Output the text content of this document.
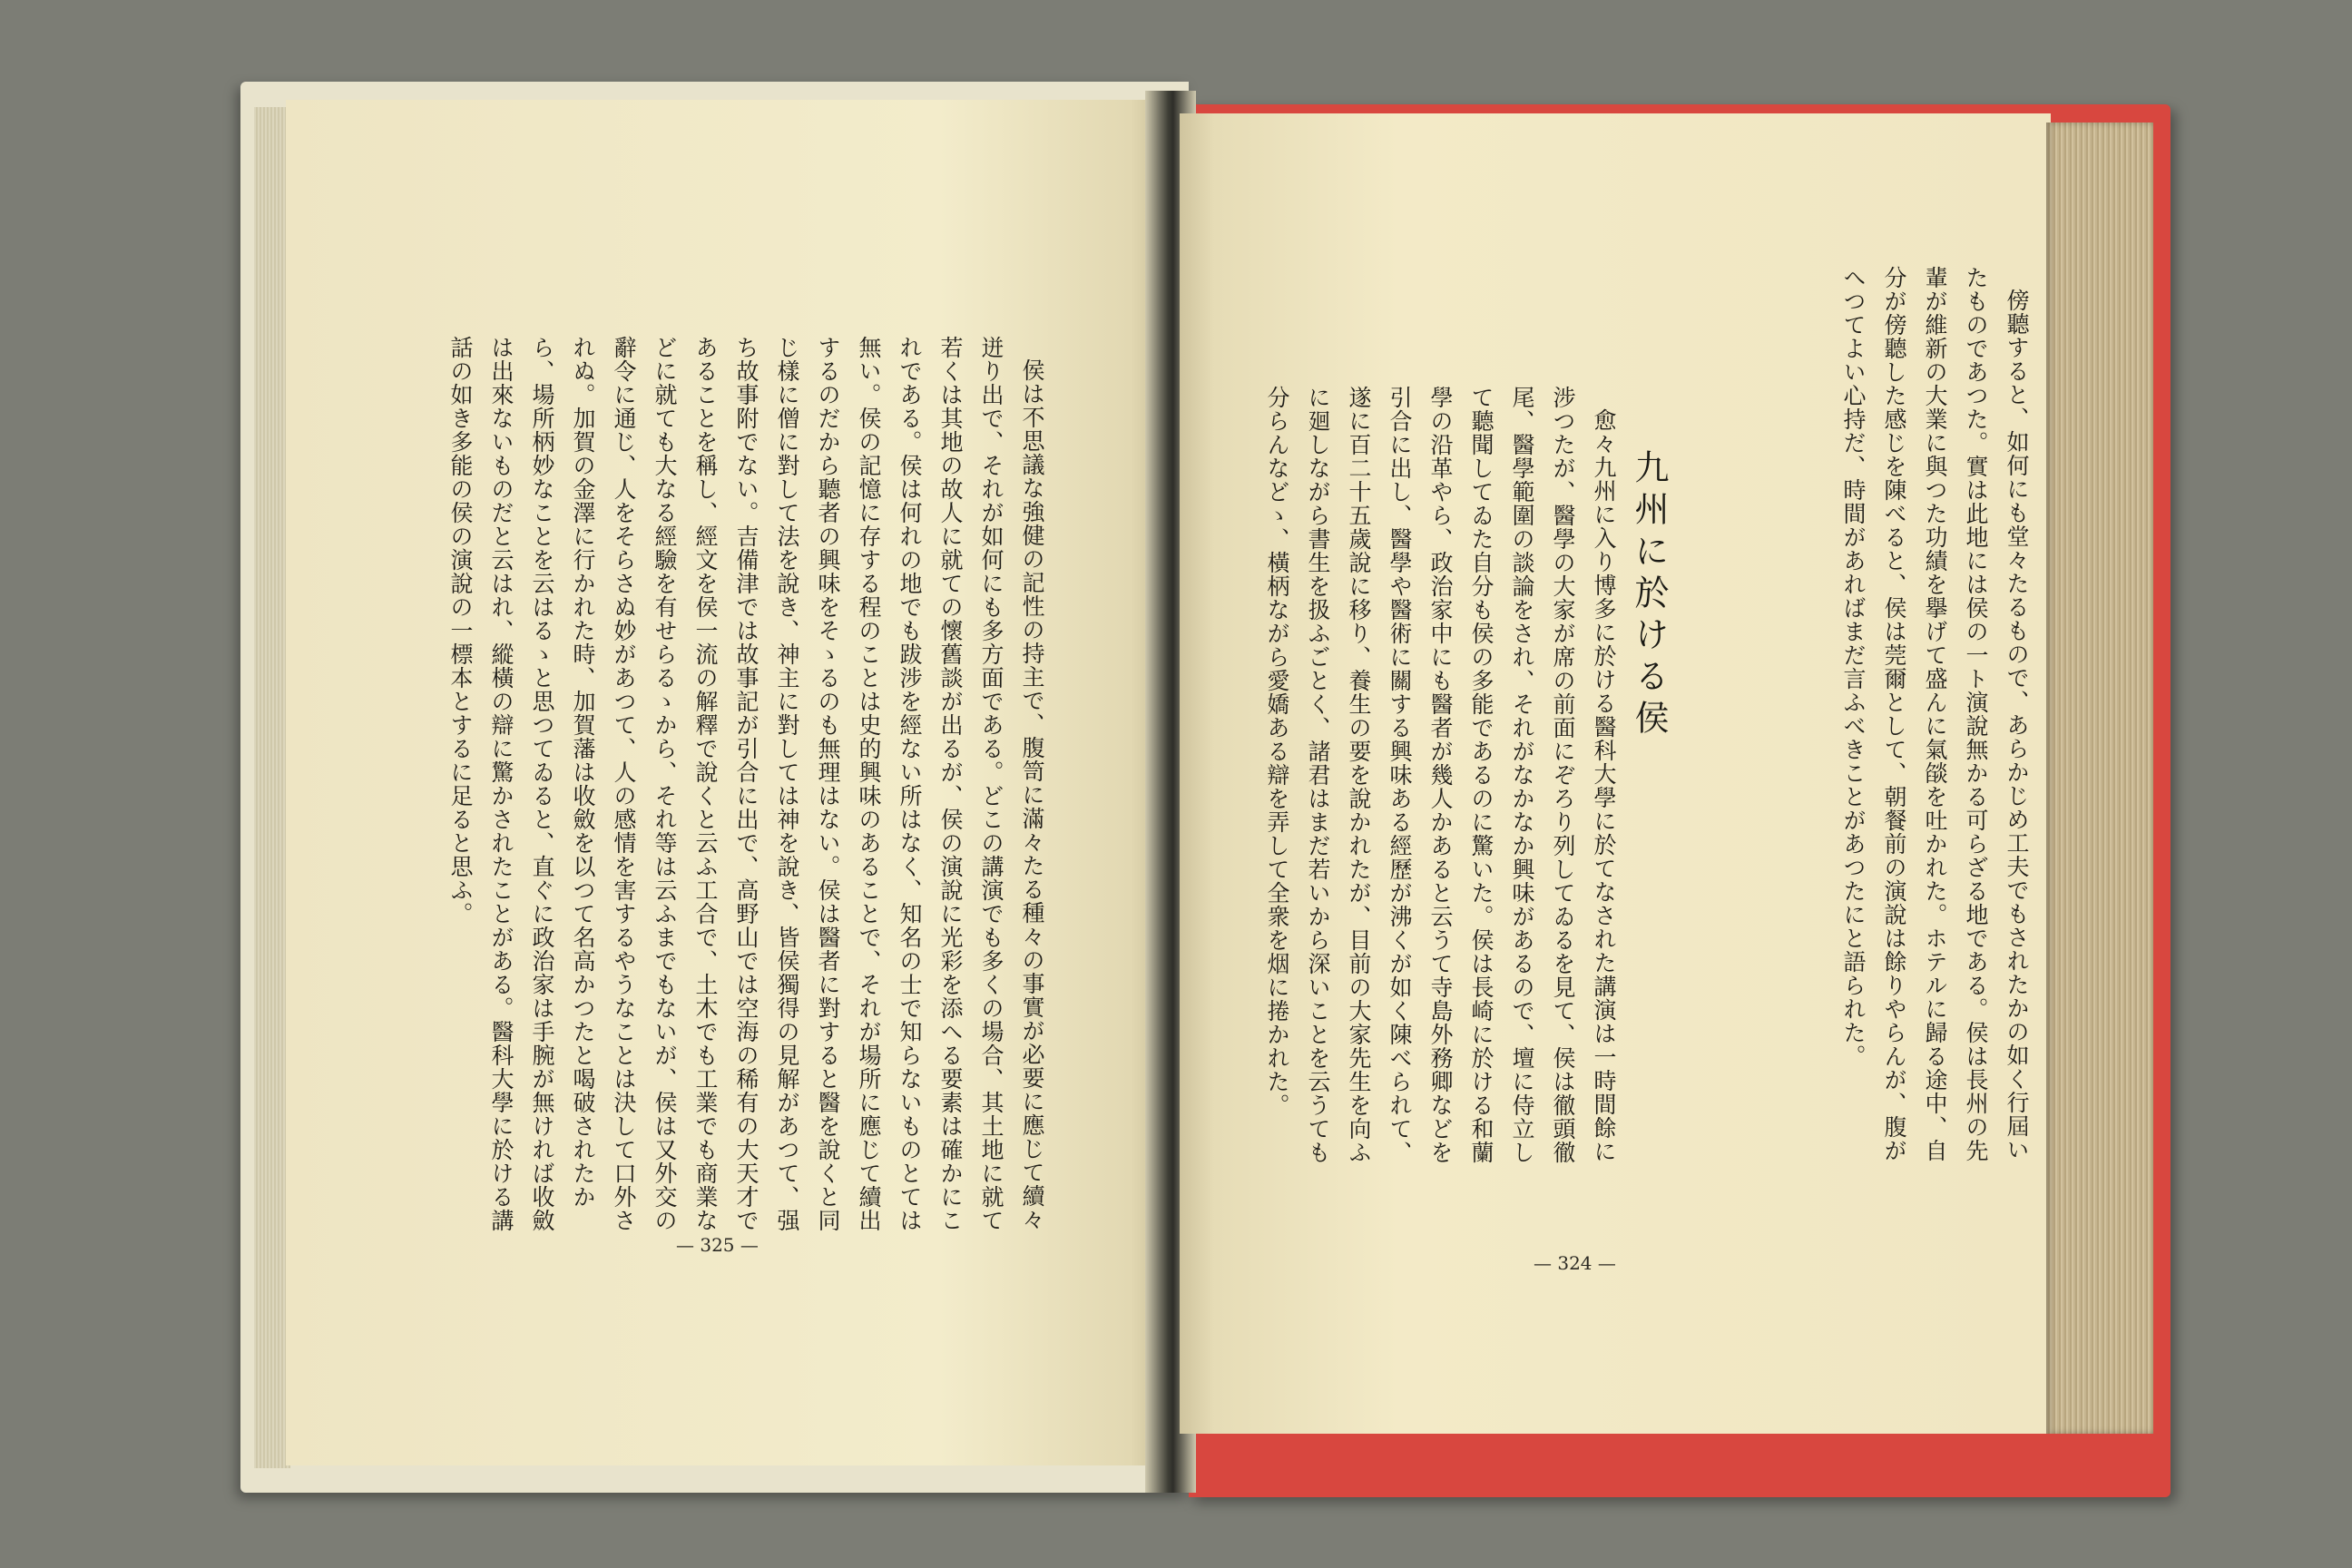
侯は不思議な強健の記性の持主で、腹笥に滿々たる種々の事實が必要に應じて續々迸り出で、それが如何にも多方面である。どこの講演でも多くの場合、其土地に就て若くは其地の故人に就ての懷舊談が出るが、侯の演說に光彩を添へる要素は確かにこれである。侯は何れの地でも跋涉を經ない所はなく、知名の士で知らないものとては無い。侯の記憶に存する程のことは史的興味のあることで、それが場所に應じて續出するのだから聽者の興味をそゝるのも無理はない。侯は醫者に對すると醫を說くと同じ樣に僧に對して法を說き、神主に對しては神を說き、皆侯獨得の見解があつて、强ち故事附でない。吉備津では故事記が引合に出で、高野山では空海の稀有の大天才であることを稱し、經文を侯一流の解釋で說くと云ふ工合で、土木でも工業でも商業などに就ても大なる經驗を有せらるゝから、それ等は云ふまでもないが、侯は又外交の辭令に通じ、人をそらさぬ妙があつて、人の感情を害するやうなことは決して口外されぬ。加賀の金澤に行かれた時、加賀藩は收斂を以つて名高かつたと喝破されたから、場所柄妙なことを云はるゝと思つてゐると、直ぐに政治家は手腕が無ければ收斂は出來ないものだと云はれ、縱橫の辯に驚かされたことがある。醫科大學に於ける講話の如き多能の侯の演說の一標本とするに足ると思ふ。

— 325 —

傍聽すると、如何にも堂々たるもので、あらかじめ工夫でもされたかの如く行屆いたものであつた。實は此地には侯の一ト演說無かる可らざる地である。侯は長州の先輩が維新の大業に與つた功績を擧げて盛んに氣燄を吐かれた。ホテルに歸る途中、自分が傍聽した感じを陳べると、侯は莞爾として、朝餐前の演說は餘りやらんが、腹がへつてよい心持だ、時間があればまだ言ふべきことがあつたにと語られた。

九州に於ける侯

愈々九州に入り博多に於ける醫科大學に於てなされた講演は一時間餘に涉つたが、醫學の大家が席の前面にぞろり列してゐるを見て、侯は徹頭徹尾、醫學範圍の談論をされ、それがなかなか興味があるので、壇に侍立して聽聞してゐた自分も侯の多能であるのに驚いた。侯は長崎に於ける和蘭學の沿革やら、政治家中にも醫者が幾人かあると云うて寺島外務卿などを引合に出し、醫學や醫術に關する興味ある經歷が沸くが如く陳べられて、遂に百二十五歲說に移り、養生の要を說かれたが、目前の大家先生を向ふに廻しながら書生を扱ふごとく、諸君はまだ若いから深いことを云うても分らんなどゝ、橫柄ながら愛嬌ある辯を弄して全衆を烟に捲かれた。

— 324 —
